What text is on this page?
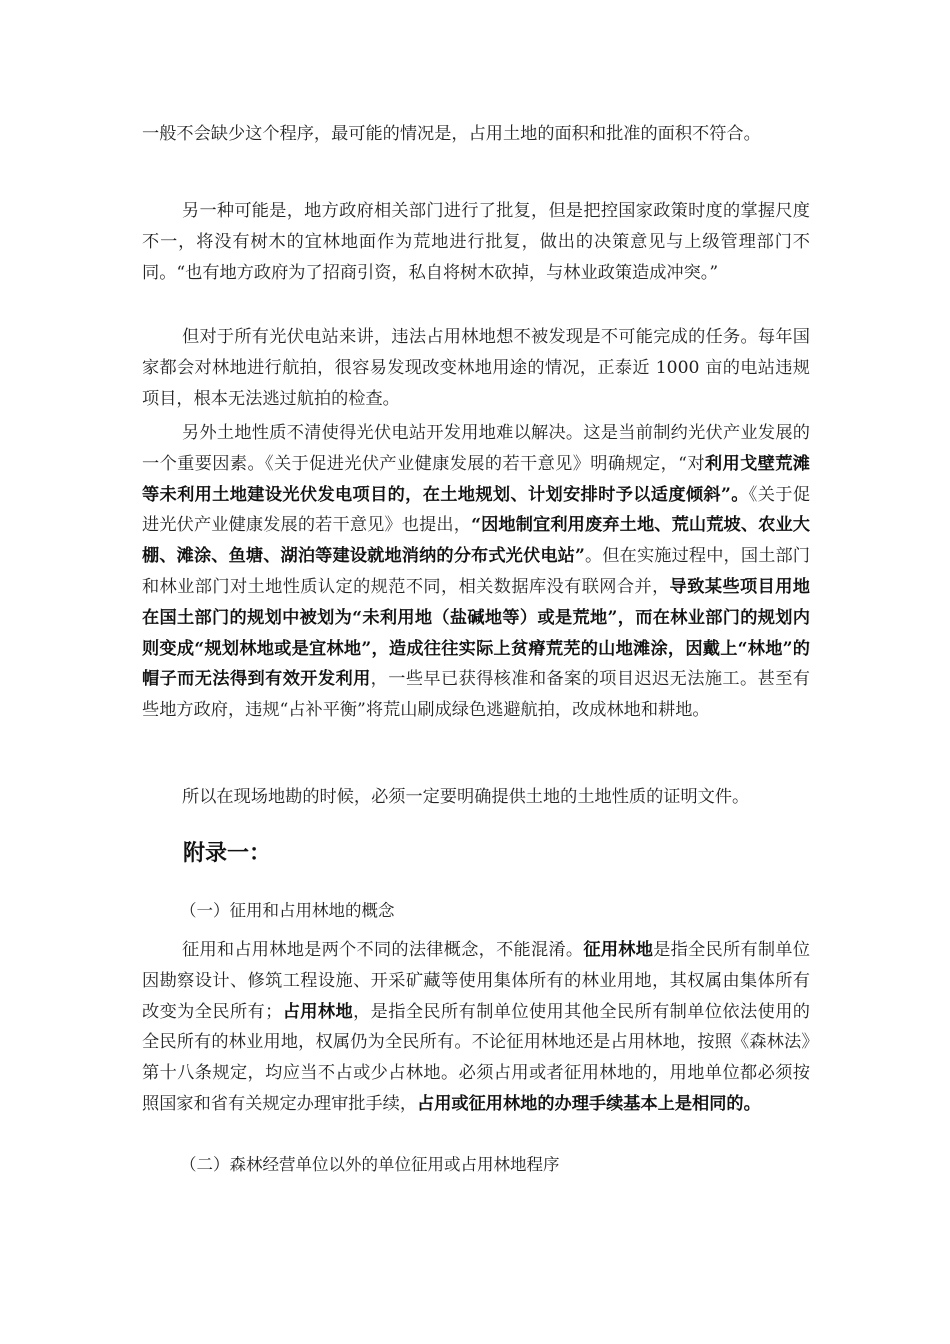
一般不会缺少这个程序，最可能的情况是，占用土地的面积和批准的面积不符合。

另一种可能是，地方政府相关部门进行了批复，但是把控国家政策时度的掌握尺度不一，将没有树木的宜林地面作为荒地进行批复，做出的决策意见与上级管理部门不同。“也有地方政府为了招商引资，私自将树木砍掉，与林业政策造成冲突。”

但对于所有光伏电站来讲，违法占用林地想不被发现是不可能完成的任务。每年国家都会对林地进行航拍，很容易发现改变林地用途的情况，正泰近 1000 亩的电站违规项目，根本无法逃过航拍的检查。

另外土地性质不清使得光伏电站开发用地难以解决。这是当前制约光伏产业发展的一个重要因素。《关于促进光伏产业健康发展的若干意见》明确规定，“对利用戈壁荒滩等未利用土地建设光伏发电项目的，在土地规划、计划安排时予以适度倾斜”。《关于促进光伏产业健康发展的若干意见》也提出，“因地制宜利用废弃土地、荒山荒坡、农业大棚、滩涂、鱼塘、湖泊等建设就地消纳的分布式光伏电站”。但在实施过程中，国土部门和林业部门对土地性质认定的规范不同，相关数据库没有联网合并，导致某些项目用地在国土部门的规划中被划为“未利用地（盐碱地等）或是荒地”，而在林业部门的规划内则变成“规划林地或是宜林地”，造成往往实际上贫瘠荒芜的山地滩涂，因戴上“林地”的帽子而无法得到有效开发利用，一些早已获得核准和备案的项目迟迟无法施工。甚至有些地方政府，违规“占补平衡”将荒山刷成绿色逃避航拍，改成林地和耕地。

所以在现场地勘的时候，必须一定要明确提供土地的土地性质的证明文件。

附录一：

（一）征用和占用林地的概念

征用和占用林地是两个不同的法律概念，不能混淆。征用林地是指全民所有制单位因勘察设计、修筑工程设施、开采矿藏等使用集体所有的林业用地，其权属由集体所有改变为全民所有；占用林地，是指全民所有制单位使用其他全民所有制单位依法使用的全民所有的林业用地，权属仍为全民所有。不论征用林地还是占用林地，按照《森林法》第十八条规定，均应当不占或少占林地。必须占用或者征用林地的，用地单位都必须按照国家和省有关规定办理审批手续，占用或征用林地的办理手续基本上是相同的。

（二）森林经营单位以外的单位征用或占用林地程序
